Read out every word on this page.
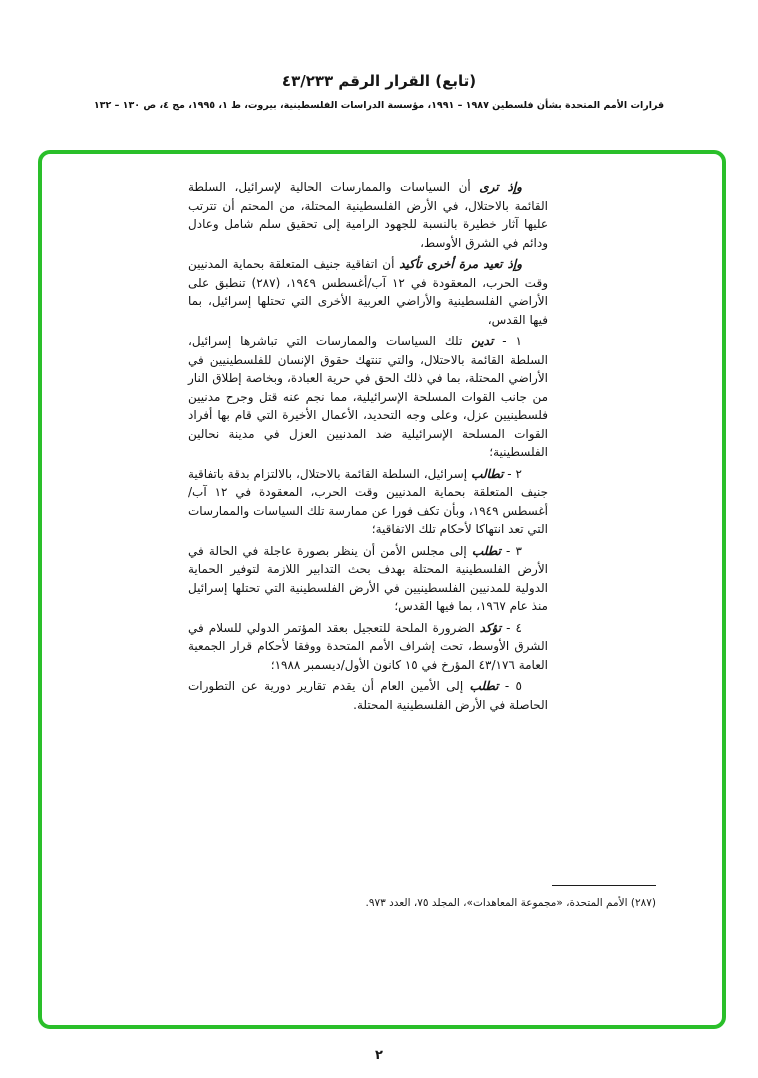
(تابع) القرار الرقم ٤٣/٢٣٣
قرارات الأمم المتحدة بشأن فلسطين ١٩٨٧ – ١٩٩١، مؤسسة الدراسات الفلسطينية، بيروت، ط ١، ١٩٩٥، مج ٤، ص ١٣٠ – ١٣٢

وإذ ترى أن السياسات والممارسات الحالية لإسرائيل، السلطة القائمة بالاحتلال، في الأرض الفلسطينية المحتلة، من المحتم أن تترتب عليها آثار خطيرة بالنسبة للجهود الرامية إلى تحقيق سلم شامل وعادل ودائم في الشرق الأوسط،

وإذ تعيد مرة أخرى تأكيد أن اتفاقية جنيف المتعلقة بحماية المدنيين وقت الحرب، المعقودة في ١٢ آب/أغسطس ١٩٤٩، (٢٨٧) تنطبق على الأراضي الفلسطينية والأراضي العربية الأخرى التي تحتلها إسرائيل، بما فيها القدس،

١ - تدين تلك السياسات والممارسات التي تباشرها إسرائيل، السلطة القائمة بالاحتلال، والتي تنتهك حقوق الإنسان للفلسطينيين في الأراضي المحتلة، بما في ذلك الحق في حرية العبادة، وبخاصة إطلاق النار من جانب القوات المسلحة الإسرائيلية، مما نجم عنه قتل وجرح مدنيين فلسطينيين عزل، وعلى وجه التحديد، الأعمال الأخيرة التي قام بها أفراد القوات المسلحة الإسرائيلية ضد المدنيين العزل في مدينة نحالين الفلسطينية؛

٢ - تطالب إسرائيل، السلطة القائمة بالاحتلال، بالالتزام بدقة باتفاقية جنيف المتعلقة بحماية المدنيين وقت الحرب، المعقودة في ١٢ آب/أغسطس ١٩٤٩، وبأن تكف فورا عن ممارسة تلك السياسات والممارسات التي تعد انتهاكا لأحكام تلك الاتفاقية؛

٣ - تطلب إلى مجلس الأمن أن ينظر بصورة عاجلة في الحالة في الأرض الفلسطينية المحتلة بهدف بحث التدابير اللازمة لتوفير الحماية الدولية للمدنيين الفلسطينيين في الأرض الفلسطينية التي تحتلها إسرائيل منذ عام ١٩٦٧، بما فيها القدس؛

٤ - تؤكد الضرورة الملحة للتعجيل بعقد المؤتمر الدولي للسلام في الشرق الأوسط، تحت إشراف الأمم المتحدة ووفقا لأحكام قرار الجمعية العامة ٤٣/١٧٦ المؤرخ في ١٥ كانون الأول/ديسمبر ١٩٨٨؛

٥ - تطلب إلى الأمين العام أن يقدم تقارير دورية عن التطورات الحاصلة في الأرض الفلسطينية المحتلة.

(٢٨٧) الأمم المتحدة، «مجموعة المعاهدات»، المجلد ٧٥، العدد ٩٧٣.

٢
